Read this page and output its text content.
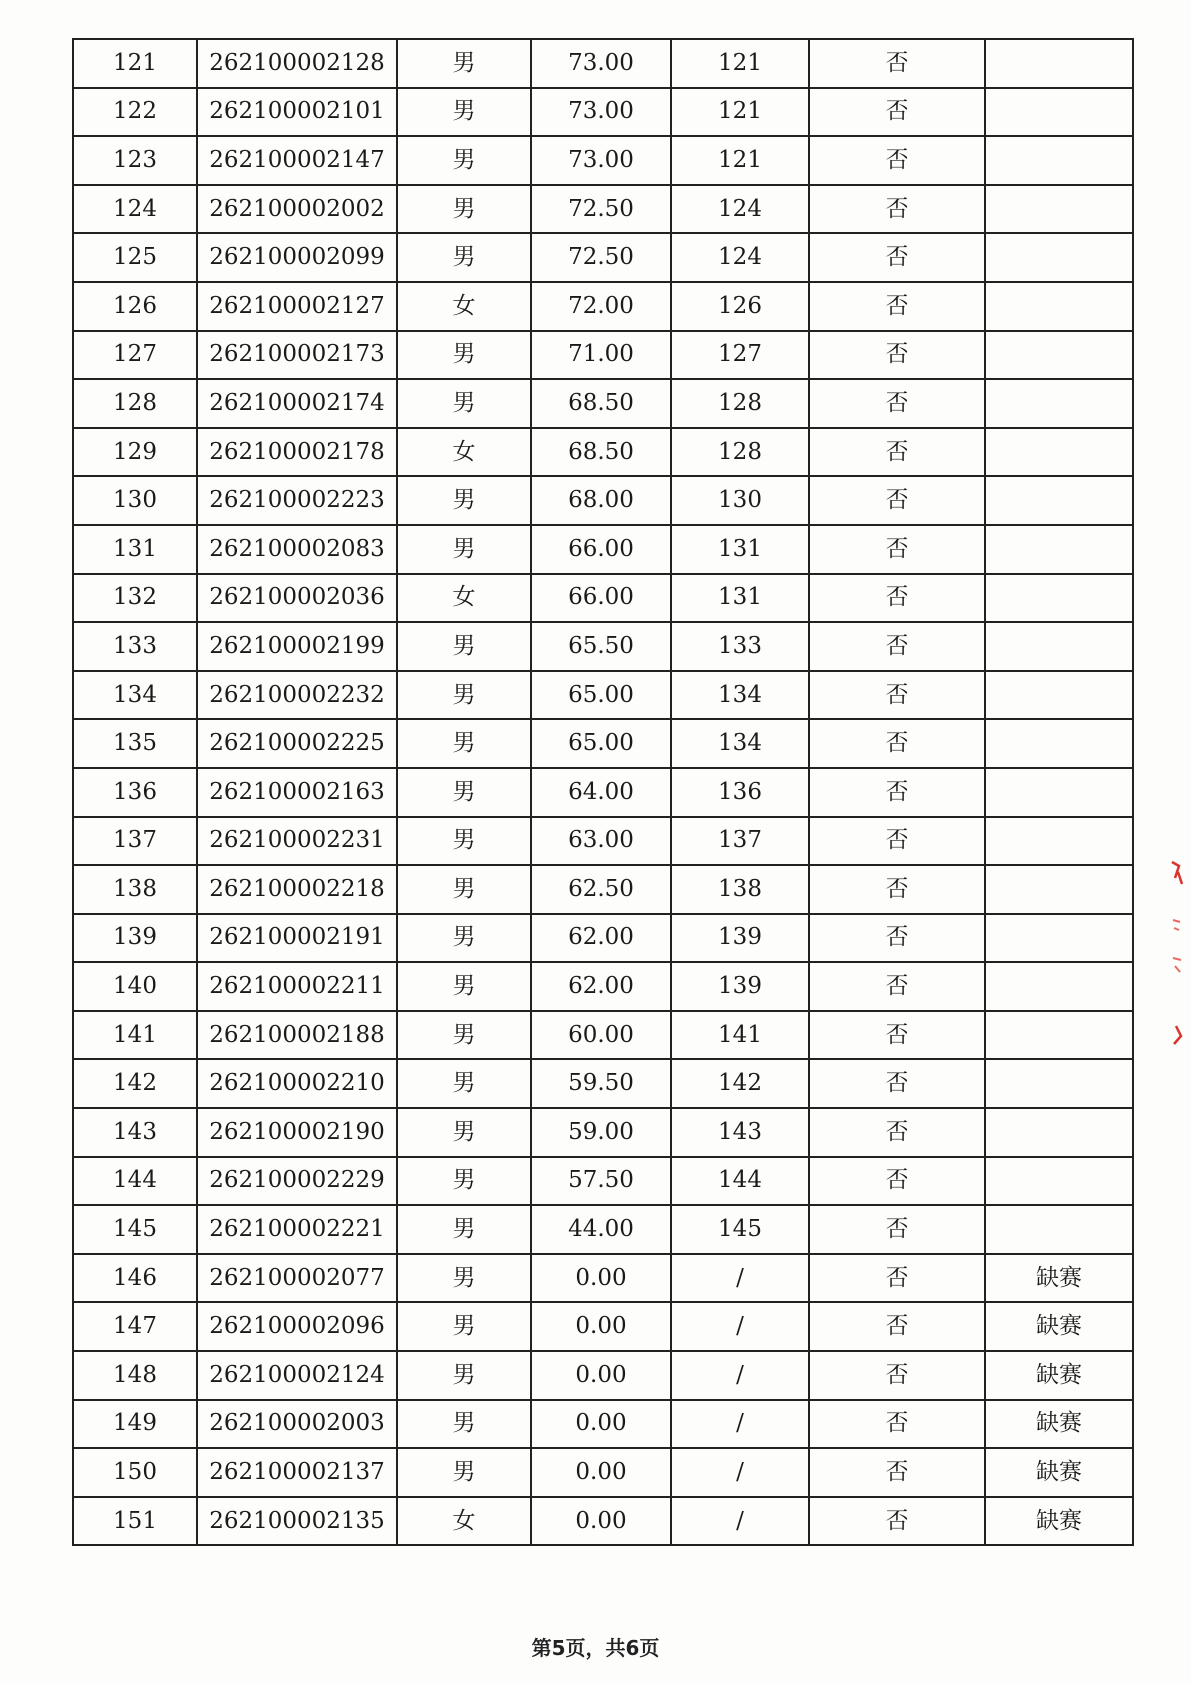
121	262100002128	男	73.00	121	否	
122	262100002101	男	73.00	121	否	
123	262100002147	男	73.00	121	否	
124	262100002002	男	72.50	124	否	
125	262100002099	男	72.50	124	否	
126	262100002127	女	72.00	126	否	
127	262100002173	男	71.00	127	否	
128	262100002174	男	68.50	128	否	
129	262100002178	女	68.50	128	否	
130	262100002223	男	68.00	130	否	
131	262100002083	男	66.00	131	否	
132	262100002036	女	66.00	131	否	
133	262100002199	男	65.50	133	否	
134	262100002232	男	65.00	134	否	
135	262100002225	男	65.00	134	否	
136	262100002163	男	64.00	136	否	
137	262100002231	男	63.00	137	否	
138	262100002218	男	62.50	138	否	
139	262100002191	男	62.00	139	否	
140	262100002211	男	62.00	139	否	
141	262100002188	男	60.00	141	否	
142	262100002210	男	59.50	142	否	
143	262100002190	男	59.00	143	否	
144	262100002229	男	57.50	144	否	
145	262100002221	男	44.00	145	否	
146	262100002077	男	0.00	/	否	缺赛
147	262100002096	男	0.00	/	否	缺赛
148	262100002124	男	0.00	/	否	缺赛
149	262100002003	男	0.00	/	否	缺赛
150	262100002137	男	0.00	/	否	缺赛
151	262100002135	女	0.00	/	否	缺赛
第5页，共6页
